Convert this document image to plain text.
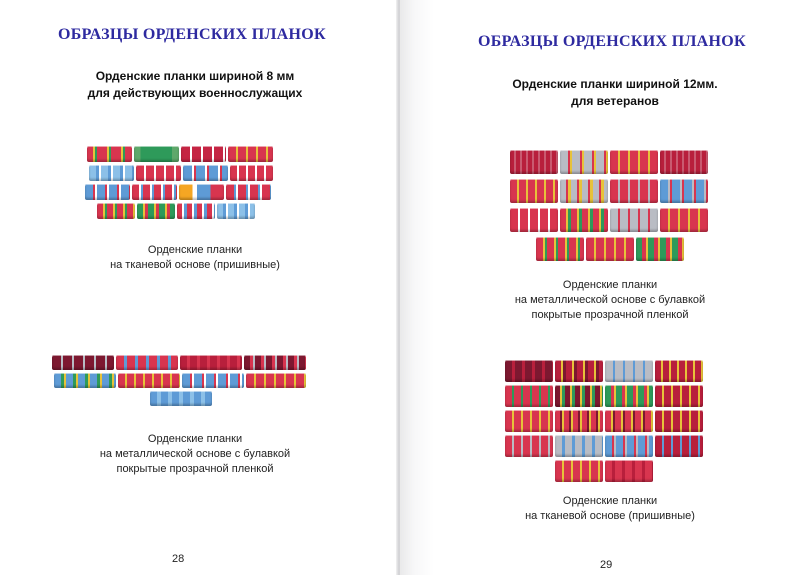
ОБРАЗЦЫ ОРДЕНСКИХ ПЛАНОК
Орденские планки шириной 8 мм
для действующих военнослужащих
Орденские планки
на тканевой основе (пришивные)
Орденские планки
на металлической основе с булавкой
покрытые прозрачной пленкой
28
ОБРАЗЦЫ ОРДЕНСКИХ ПЛАНОК
Орденские планки шириной 12мм.
для ветеранов
Орденские планки
на металлической основе с булавкой
покрытые прозрачной пленкой
Орденские планки
на тканевой основе (пришивные)
29
